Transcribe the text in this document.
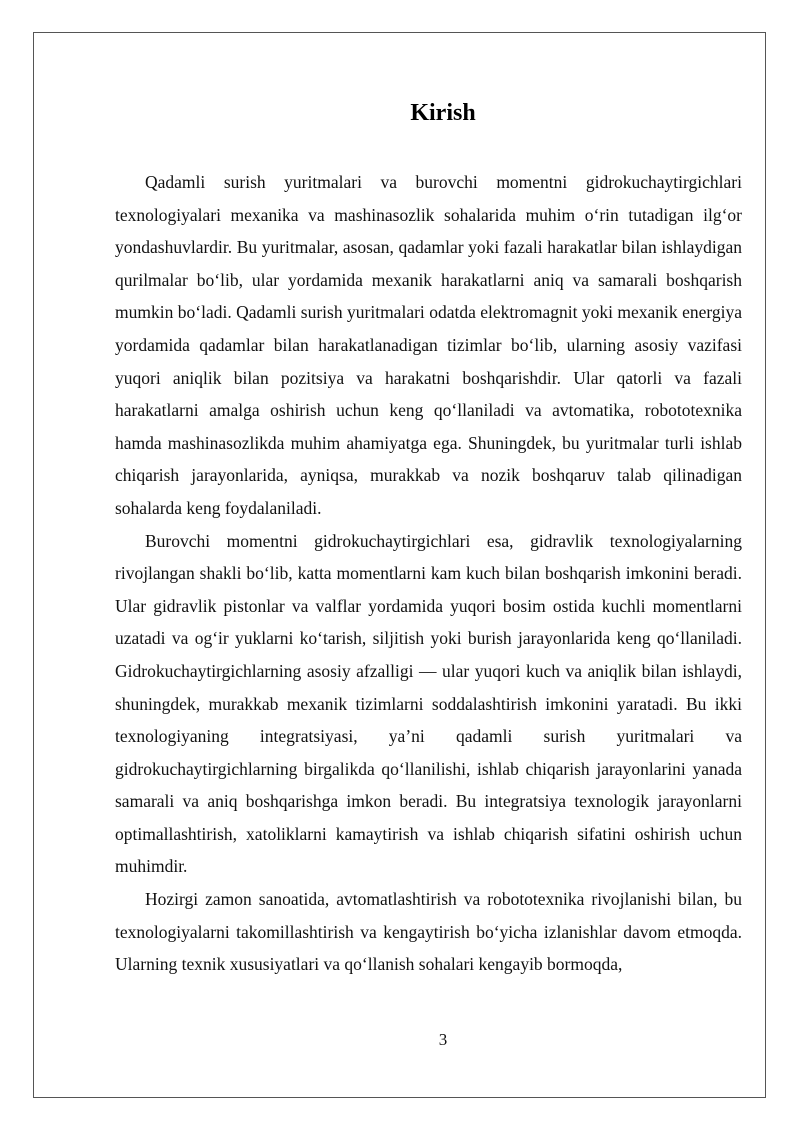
Kirish

Qadamli surish yuritmalari va burovchi momentni gidrokuchaytirgichlari texnologiyalari mexanika va mashinasozlik sohalarida muhim o‘rin tutadigan ilg‘or yondashuvlardir. Bu yuritmalar, asosan, qadamlar yoki fazali harakatlar bilan ishlaydigan qurilmalar bo‘lib, ular yordamida mexanik harakatlarni aniq va samarali boshqarish mumkin bo‘ladi. Qadamli surish yuritmalari odatda elektromagnit yoki mexanik energiya yordamida qadamlar bilan harakatlanadigan tizimlar bo‘lib, ularning asosiy vazifasi yuqori aniqlik bilan pozitsiya va harakatni boshqarishdir. Ular qatorli va fazali harakatlarni amalga oshirish uchun keng qo‘llaniladi va avtomatika, robototexnika hamda mashinasozlikda muhim ahamiyatga ega. Shuningdek, bu yuritmalar turli ishlab chiqarish jarayonlarida, ayniqsa, murakkab va nozik boshqaruv talab qilinadigan sohalarda keng foydalaniladi.

Burovchi momentni gidrokuchaytirgichlari esa, gidravlik texnologiyalarning rivojlangan shakli bo‘lib, katta momentlarni kam kuch bilan boshqarish imkonini beradi. Ular gidravlik pistonlar va valflar yordamida yuqori bosim ostida kuchli momentlarni uzatadi va og‘ir yuklarni ko‘tarish, siljitish yoki burish jarayonlarida keng qo‘llaniladi. Gidrokuchaytirgichlarning asosiy afzalligi — ular yuqori kuch va aniqlik bilan ishlaydi, shuningdek, murakkab mexanik tizimlarni soddalashtirish imkonini yaratadi. Bu ikki texnologiyaning integratsiyasi, ya’ni qadamli surish yuritmalari va gidrokuchaytirgichlarning birgalikda qo‘llanilishi, ishlab chiqarish jarayonlarini yanada samarali va aniq boshqarishga imkon beradi. Bu integratsiya texnologik jarayonlarni optimallashtirish, xatoliklarni kamaytirish va ishlab chiqarish sifatini oshirish uchun muhimdir.

Hozirgi zamon sanoatida, avtomatlashtirish va robototexnika rivojlanishi bilan, bu texnologiyalarni takomillashtirish va kengaytirish bo‘yicha izlanishlar davom etmoqda. Ularning texnik xususiyatlari va qo‘llanish sohalari kengayib bormoqda,

3
